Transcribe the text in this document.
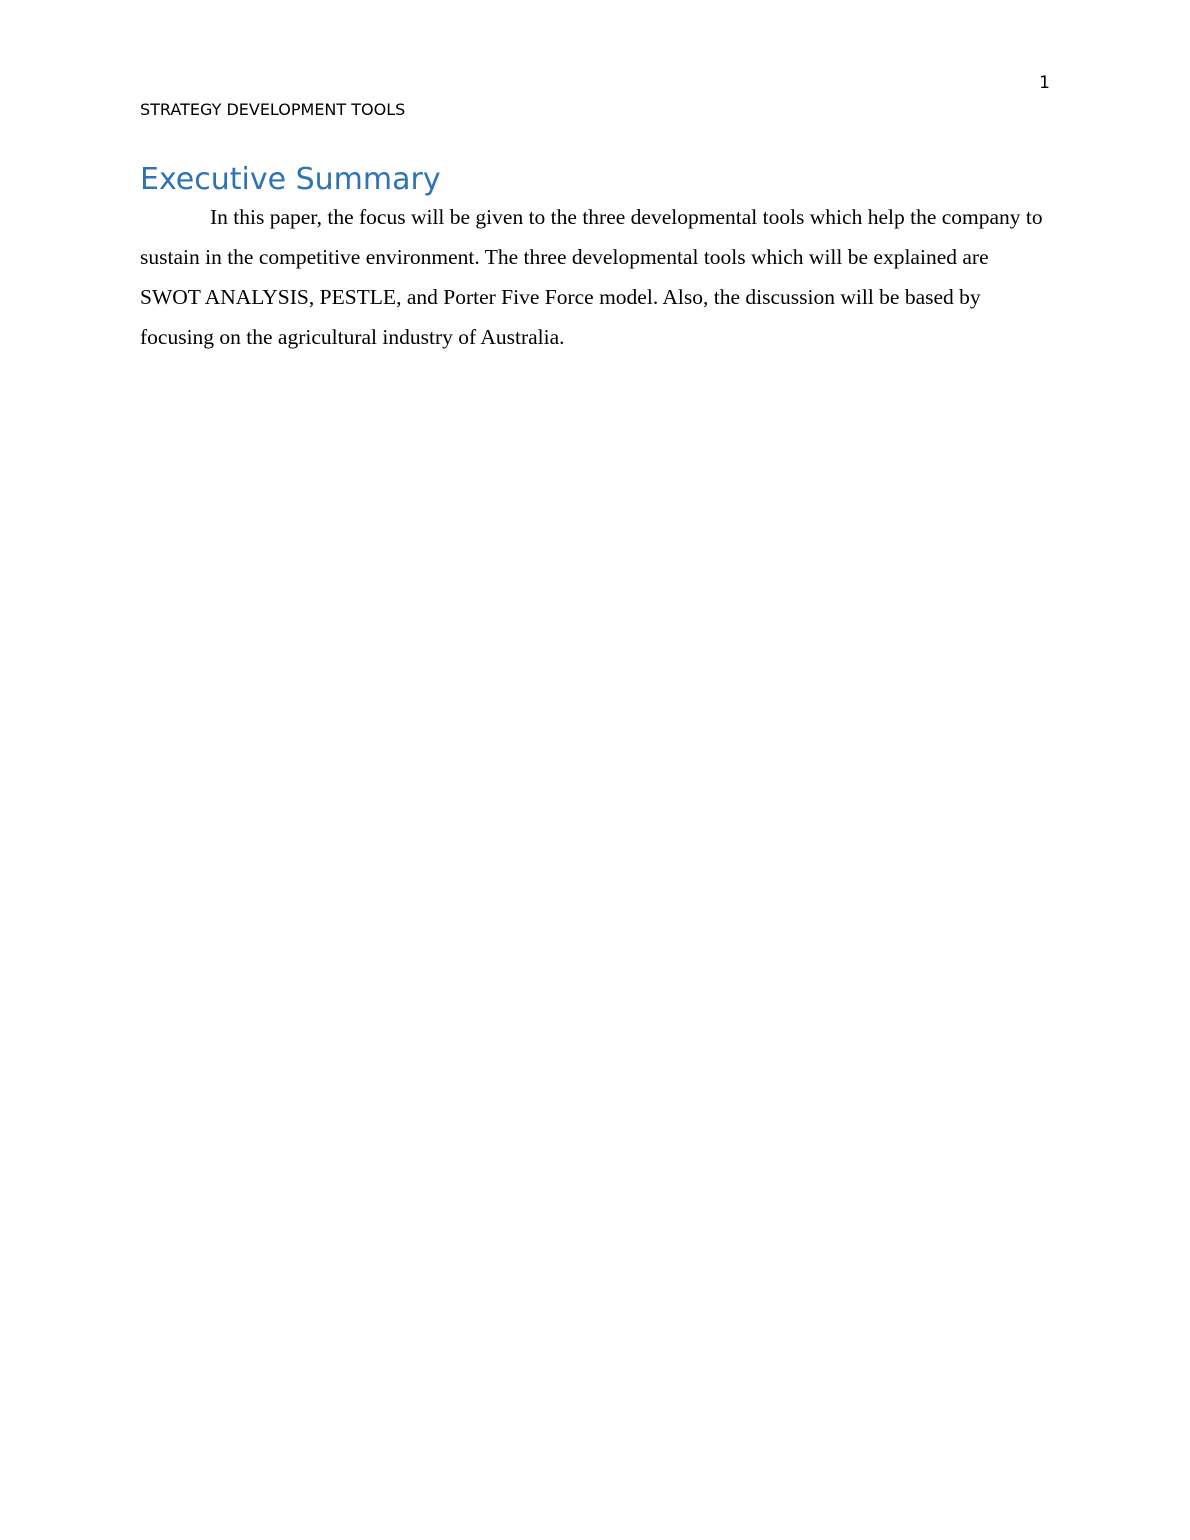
1
STRATEGY DEVELOPMENT TOOLS
Executive Summary

In this paper, the focus will be given to the three developmental tools which help the company to sustain in the competitive environment. The three developmental tools which will be explained are SWOT ANALYSIS, PESTLE, and Porter Five Force model. Also, the discussion will be based by focusing on the agricultural industry of Australia.
